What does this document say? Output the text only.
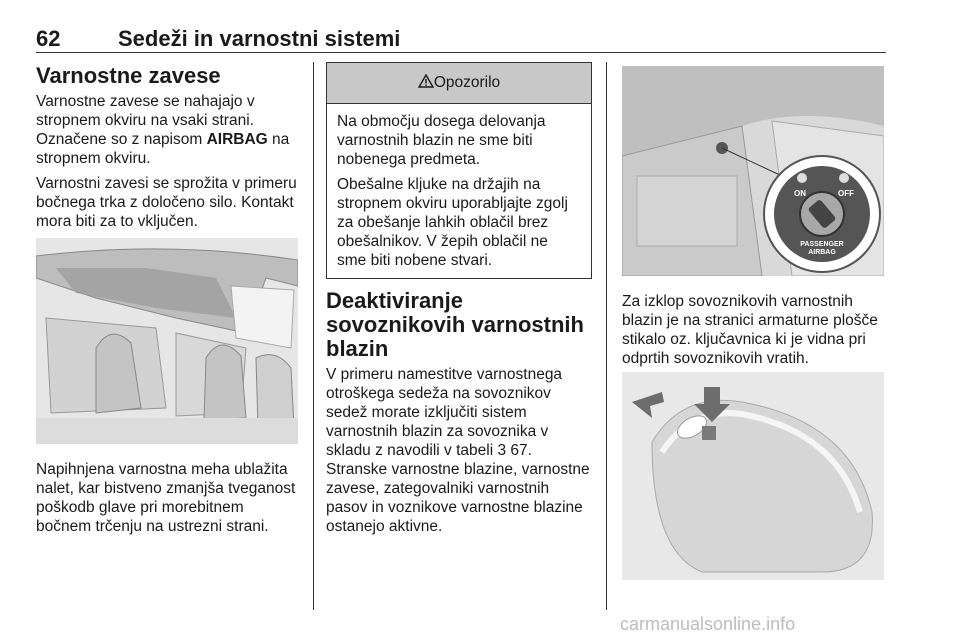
62	Sedeži in varnostni sistemi
Varnostne zavese

Varnostne zavese se nahajajo v stropnem okviru na vsaki strani. Označene so z napisom AIRBAG na stropnem okviru.

Varnostni zavesi se sprožita v primeru bočnega trka z določeno silo. Kontakt mora biti za to vključen.

Napihnjena varnostna meha ublažita nalet, kar bistveno zmanjša tveganost poškodb glave pri morebitnem bočnem trčenju na ustrezni strani.

Opozorilo

Na območju dosega delovanja varnostnih blazin ne sme biti nobenega predmeta.

Obešalne kljuke na držajih na stropnem okviru uporabljajte zgolj za obešanje lahkih oblačil brez obešalnikov. V žepih oblačil ne sme biti nobene stvari.

Deaktiviranje sovoznikovih varnostnih blazin

V primeru namestitve varnostnega otroškega sedeža na sovoznikov sedež morate izključiti sistem varnostnih blazin za sovoznika v skladu z navodili v tabeli 3 67. Stranske varnostne blazine, varnostne zavese, zategovalniki varnostnih pasov in voznikove varnostne blazine ostanejo aktivne.

ON	OFF
PASSENGER
AIRBAG

Za izklop sovoznikovih varnostnih blazin je na stranici armaturne plošče stikalo oz. ključavnica ki je vidna pri odprtih sovoznikovih vratih.

carmanualsonline.info
